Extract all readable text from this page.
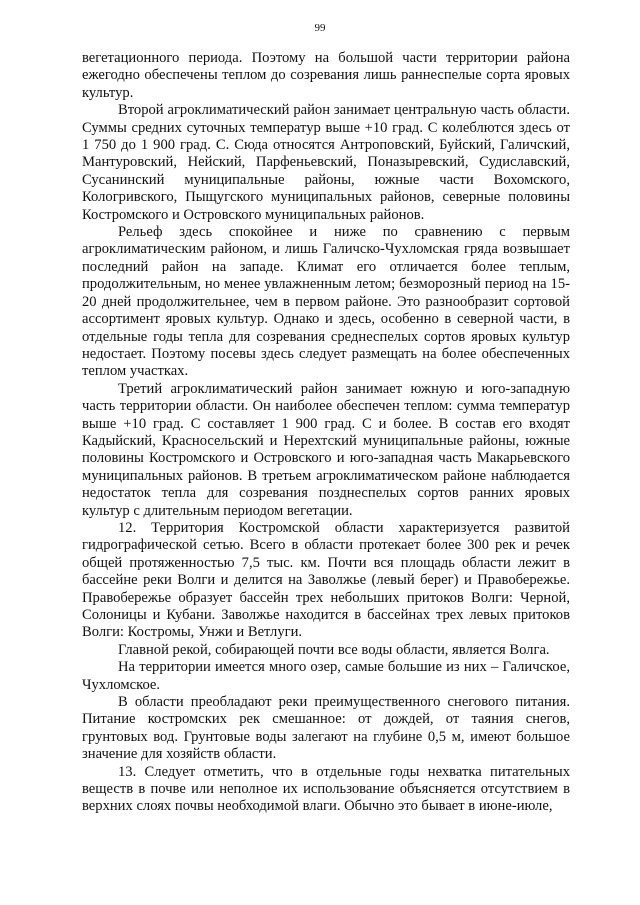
99

вегетационного периода. Поэтому на большой части территории района ежегодно обеспечены теплом до созревания лишь раннеспелые сорта яровых культур.

Второй агроклиматический район занимает центральную часть области. Суммы средних суточных температур выше +10 град. С колеблются здесь от 1 750 до 1 900 град. С. Сюда относятся Антроповский, Буйский, Галичский, Мантуровский, Нейский, Парфеньевский, Поназыревский, Судиславский, Сусанинский муниципальные районы, южные части Вохомского, Кологривского, Пыщугского муниципальных районов, северные половины Костромского и Островского муниципальных районов.

Рельеф здесь спокойнее и ниже по сравнению с первым агроклиматическим районом, и лишь Галичско-Чухломская гряда возвышает последний район на западе. Климат его отличается более теплым, продолжительным, но менее увлажненным летом; безморозный период на 15-20 дней продолжительнее, чем в первом районе. Это разнообразит сортовой ассортимент яровых культур. Однако и здесь, особенно в северной части, в отдельные годы тепла для созревания среднеспелых сортов яровых культур недостает. Поэтому посевы здесь следует размещать на более обеспеченных теплом участках.

Третий агроклиматический район занимает южную и юго-западную часть территории области. Он наиболее обеспечен теплом: сумма температур выше +10 град. С составляет 1 900 град. С и более. В состав его входят Кадыйский, Красносельский и Нерехтский муниципальные районы, южные половины Костромского и Островского и юго-западная часть Макарьевского муниципальных районов. В третьем агроклиматическом районе наблюдается недостаток тепла для созревания позднеспелых сортов ранних яровых культур с длительным периодом вегетации.

12. Территория Костромской области характеризуется развитой гидрографической сетью. Всего в области протекает более 300 рек и речек общей протяженностью 7,5 тыс. км. Почти вся площадь области лежит в бассейне реки Волги и делится на Заволжье (левый берег) и Правобережье. Правобережье образует бассейн трех небольших притоков Волги: Черной, Солоницы и Кубани. Заволжье находится в бассейнах трех левых притоков Волги: Костромы, Унжи и Ветлуги.

Главной рекой, собирающей почти все воды области, является Волга.

На территории имеется много озер, самые большие из них – Галичское, Чухломское.

В области преобладают реки преимущественного снегового питания. Питание костромских рек смешанное: от дождей, от таяния снегов, грунтовых вод. Грунтовые воды залегают на глубине 0,5 м, имеют большое значение для хозяйств области.

13. Следует отметить, что в отдельные годы нехватка питательных веществ в почве или неполное их использование объясняется отсутствием в верхних слоях почвы необходимой влаги. Обычно это бывает в июне-июле,
